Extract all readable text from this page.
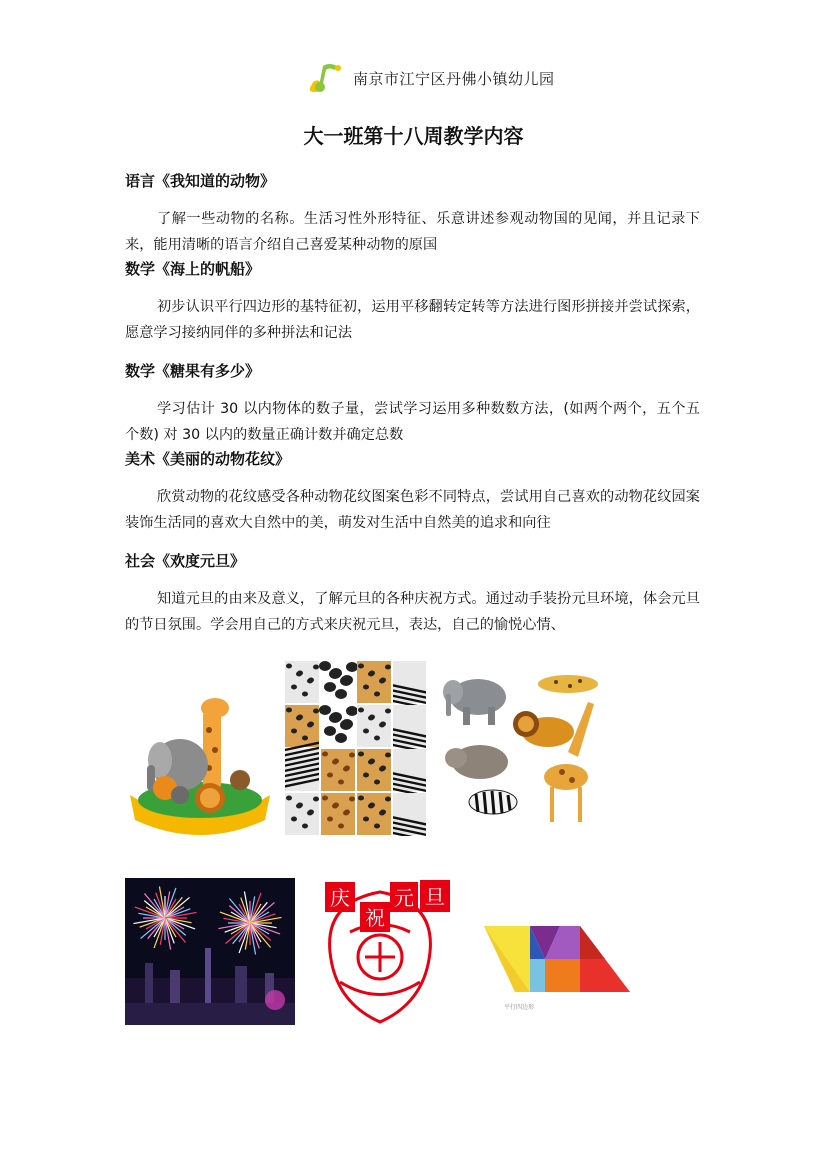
南京市江宁区丹佛小镇幼儿园
大一班第十八周教学内容
语言《我知道的动物》
了解一些动物的名称。生活习性外形特征、乐意讲述参观动物国的见闻，并且记录下来，能用清晰的语言介绍自己喜爱某种动物的原国
数学《海上的帆船》
初步认识平行四边形的基特征初，运用平移翻转定转等方法进行图形拼接并尝试探索，愿意学习接纳同伴的多种拼法和记法
数学《糖果有多少》
学习估计 30 以内物体的数子量，尝试学习运用多种数数方法，(如两个两个，五个五个数) 对 30 以内的数量正确计数并确定总数
美术《美丽的动物花纹》
欣赏动物的花纹感受各种动物花纹图案色彩不同特点，尝试用自己喜欢的动物花纹园案装饰生活同的喜欢大自然中的美，萌发对生活中自然美的追求和向往
社会《欢度元旦》
知道元旦的由来及意义，了解元旦的各种庆祝方式。通过动手装扮元旦环境，体会元旦的节日氛围。学会用自己的方式来庆祝元旦，表达，自己的愉悦心情、
庆
祝
元 旦
平行四边形
